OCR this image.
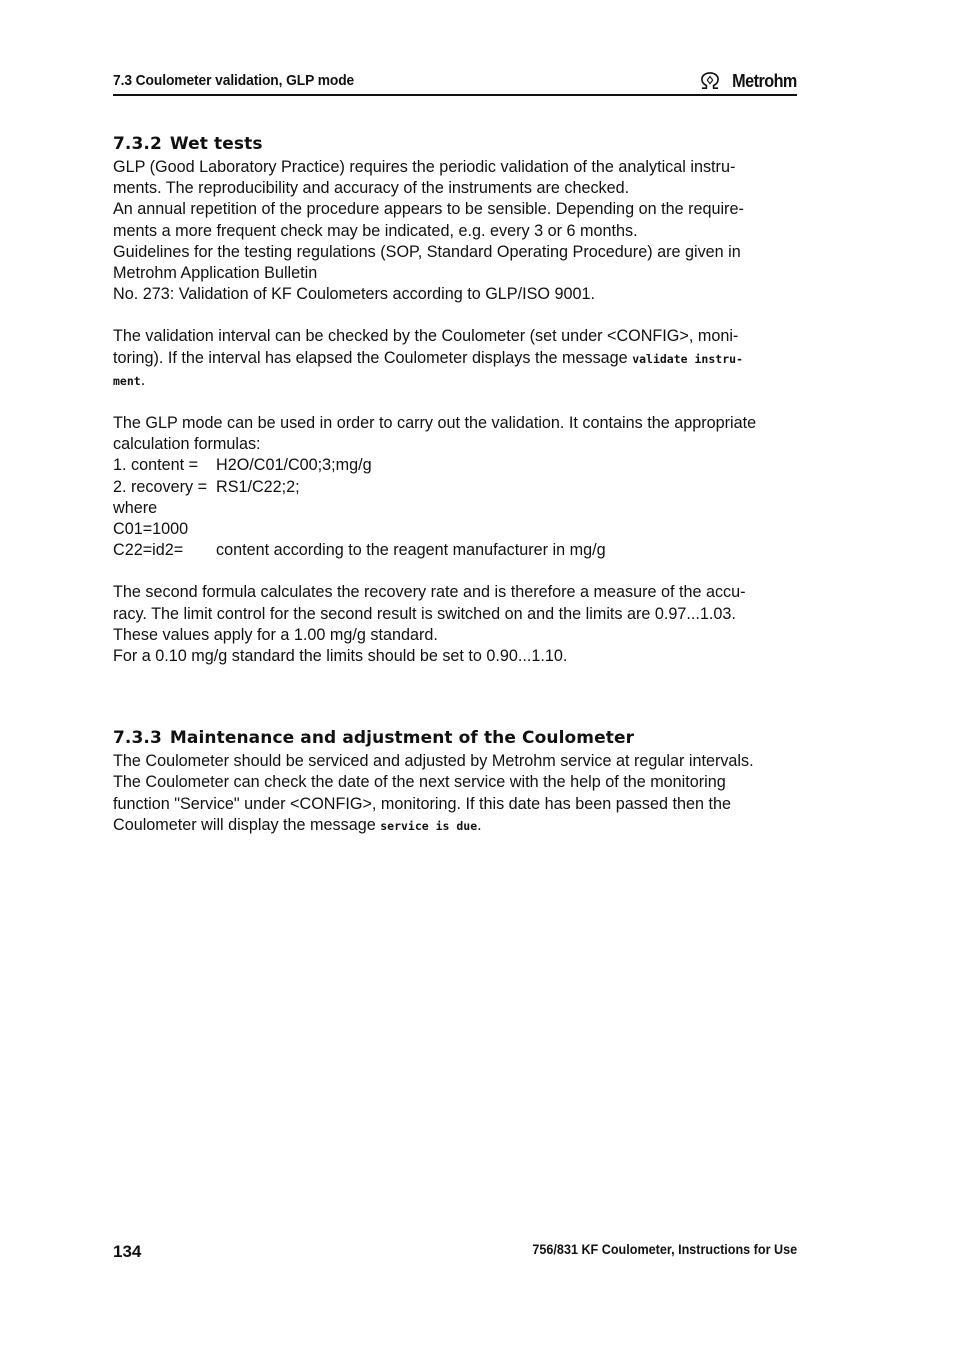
7.3 Coulometer validation, GLP mode	Metrohm
7.3.2 Wet tests

GLP (Good Laboratory Practice) requires the periodic validation of the analytical instru-

ments. The reproducibility and accuracy of the instruments are checked.

An annual repetition of the procedure appears to be sensible. Depending on the require-

ments a more frequent check may be indicated, e.g. every 3 or 6 months.

Guidelines for the testing regulations (SOP, Standard Operating Procedure) are given in

Metrohm Application Bulletin

No. 273: Validation of KF Coulometers according to GLP/ISO 9001.

The validation interval can be checked by the Coulometer (set under <CONFIG>, moni-

toring). If the interval has elapsed the Coulometer displays the message validate instru-

ment.

The GLP mode can be used in order to carry out the validation. It contains the appropriate

calculation formulas:

1. content =	H2O/C01/C00;3;mg/g

2. recovery = RS1/C22;2;

where

C01=1000

C22=id2=	content according to the reagent manufacturer in mg/g

The second formula calculates the recovery rate and is therefore a measure of the accu-

racy. The limit control for the second result is switched on and the limits are 0.97...1.03.

These values apply for a 1.00 mg/g standard.

For a 0.10 mg/g standard the limits should be set to 0.90...1.10.

7.3.3 Maintenance and adjustment of the Coulometer

The Coulometer should be serviced and adjusted by Metrohm service at regular intervals.

The Coulometer can check the date of the next service with the help of the monitoring

function "Service" under <CONFIG>, monitoring. If this date has been passed then the

Coulometer will display the message service is due.

134	756/831 KF Coulometer, Instructions for Use
